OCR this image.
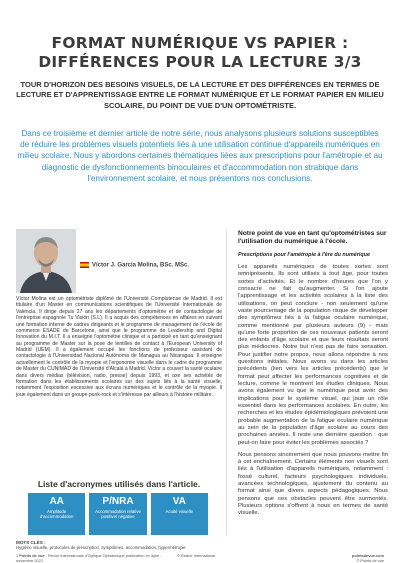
FORMAT NUMÉRIQUE VS PAPIER :
DIFFÉRENCES POUR LA LECTURE 3/3
TOUR D'HORIZON DES BESOINS VISUELS, DE LA LECTURE ET DES DIFFÉRENCES EN TERMES DE LECTURE ET D'APPRENTISSAGE ENTRE LE FORMAT NUMÉRIQUE ET LE FORMAT PAPIER EN MILIEU SCOLAIRE, DU POINT DE VUE D'UN OPTOMÉTRISTE.
Dans ce troisième et dernier article de notre série, nous analysons plusieurs solutions susceptibles de réduire les problèmes visuels potentiels liés à une utilisation continue d'appareils numériques en milieu scolaire. Nous y abordons certaines thématiques liées aux prescriptions pour l'amétropie et au diagnostic de dysfonctionnements binoculaires et d'accommodation non strabique dans l'environnement scolaire, et nous présentons nos conclusions.
Víctor J. García Molina, BSc. MSc.
Víctor Molina est un optométriste diplômé de l'Université Complutense de Madrid. Il est titulaire d'un Master en communications scientifiques de l'Université Internationale de Valencia. Il dirige depuis 27 ans les départements d'optométrie et de contactologie de l'entreprise espagnole Tu Visión (S.L). Il a acquis des compétences en affaires en suivant une formation interne de cadres dirigeants et le programme de management de l'école de commerce ESADE de Barcelone, ainsi que le programme de Leadership and Digital Innovation du M.I.T. Il a enseigné l'optométrie clinique et a participé en tant qu'enseignant au programme de Master sur la pose de lentilles de contact à l'European University of Madrid (UEM). Il a également occupé les fonctions de professeur assistant de contactologie à l'Universidad Nacional Autónoma de Managua au Nicaragua. Il enseigne actuellement le contrôle de la myopie et l'ergonomie visuelle dans le cadre du programme de Master du CUNIMAD de l'Université d'Alcalá à Madrid. Víctor a couvert la santé oculaire dans divers médias (télévision, radio, presse) depuis 1993, et axe ses activités de formation dans les établissements scolaires sur des sujets liés à la santé visuelle, notamment l'exposition excessive aux écrans numériques et le contrôle de la myopie. Il joue également dans un groupe punk-rock et s'intéresse par ailleurs à l'histoire militaire.
Liste d'acronymes utilisés dans l'article.
AA
Amplitude d'accommodation
P/NRA
Accommodation relative positive/ négative
VA
Acuité visuelle
MOTS CLÉS :
Hygiène visuelle, protocoles de prescription, symptômes, accommodation, hypermétropie
Notre point de vue en tant qu'optométristes sur l'utilisation du numérique à l'école.
Prescriptions pour l'amétropie à l'ère du numérique

Les appareils numériques de toutes sortes sont omniprésents. Ils sont utilisés à tout âge, pour toutes sortes d'activités. Et le nombre d'heures que l'on y consacre ne fait qu'augmenter. Si l'on ajoute l'apprentissage et les activités scolaires à la liste des utilisations, on peut conclure - non seulement qu'une vaste pourcentage de la population risque de développer des symptômes liés à la fatigue oculaire numérique, comme mentionné par plusieurs auteurs (9) - mais qu'une forte proportion de ces nouveaux patients seront des enfants d'âge scolaire et que leurs résultats seront plus médiocres. Notre but n'est pas de faire sensation. Pour justifier notre propos, nous allons répondre à nos questions initiales. Nous avons vu dans les articles précédents (lien vers les articles précédents) que le format peut affecter les performances cognitives et de lecture, comme le montrent les études cliniques. Nous avons également vu que le numérique peut avoir des implications pour le système visuel, qui joue un rôle essentiel dans les performances scolaires. En outre, les recherches et les études épidémiologiques prévoient une probable augmentation de la fatigue oculaire numérique au sein de la population d'âge scolaire au cours des prochaines années. Il reste une dernière question : que peut-on faire pour éviter les problèmes associés ?

Nous pensons sincèrement que nous pouvons mettre fin à cet enchaînement. Certains éléments non visuels sont liés à l'utilisation d'appareils numériques, notamment : fossé culturel, facteurs psychologiques individuels, avancées technologiques, ajustement du contenu au format ainsi que divers aspects pédagogiques. Nous pensons que ces obstacles peuvent être surmontés. Plusieurs options s'offrent à nous en termes de santé visuelle.

1 Points de vue - Revue Internationale d'Optique Ophtalmique publication en ligne - novembre 2021
© Essilor International	pointsdevue.com
© Points de vue
